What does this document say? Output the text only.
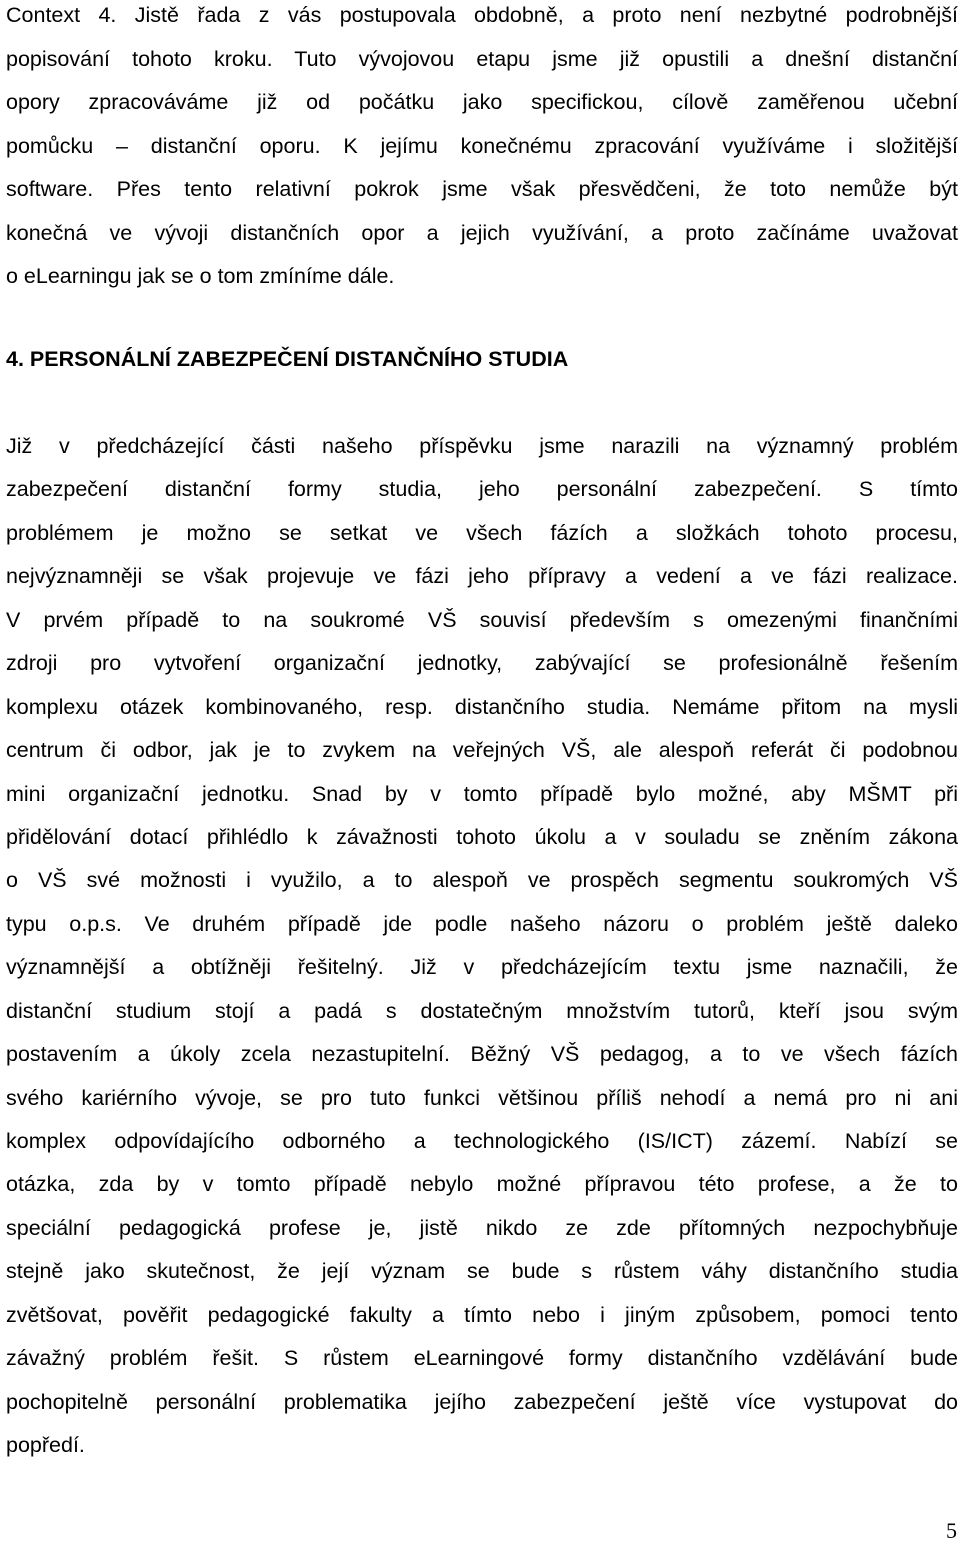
Context 4. Jistě řada z vás postupovala obdobně, a proto není nezbytné podrobnější
popisování tohoto kroku. Tuto vývojovou etapu jsme již opustili a dnešní distanční
opory zpracováváme již od počátku jako specifickou, cílově zaměřenou učební
pomůcku – distanční oporu. K jejímu konečnému zpracování využíváme i složitější
software. Přes tento relativní pokrok jsme však přesvědčeni, že toto nemůže být
konečná ve vývoji distančních opor a jejich využívání, a proto začínáme uvažovat
o eLearningu jak se o tom zmíníme dále.
4. PERSONÁLNÍ ZABEZPEČENÍ DISTANČNÍHO STUDIA
Již v předcházející části našeho příspěvku jsme narazili na významný problém
zabezpečení distanční formy studia, jeho personální zabezpečení. S tímto
problémem je možno se setkat ve všech fázích a složkách tohoto procesu,
nejvýznamněji se však projevuje ve fázi jeho přípravy a vedení a ve fázi realizace.
V prvém případě to na soukromé VŠ souvisí především s omezenými finančními
zdroji pro vytvoření organizační jednotky, zabývající se profesionálně řešením
komplexu otázek kombinovaného, resp. distančního studia. Nemáme přitom na mysli
centrum či odbor, jak je to zvykem na veřejných VŠ, ale alespoň referát či podobnou
mini organizační jednotku. Snad by v tomto případě bylo možné, aby MŠMT při
přidělování dotací přihlédlo k závažnosti tohoto úkolu a v souladu se zněním zákona
o VŠ své možnosti i využilo, a to alespoň ve prospěch segmentu soukromých VŠ
typu o.p.s. Ve druhém případě jde podle našeho názoru o problém ještě daleko
významnější a obtížněji řešitelný. Již v předcházejícím textu jsme naznačili, že
distanční studium stojí a padá s dostatečným množstvím tutorů, kteří jsou svým
postavením a úkoly zcela nezastupitelní. Běžný VŠ pedagog, a to ve všech fázích
svého kariérního vývoje, se pro tuto funkci většinou příliš nehodí a nemá pro ni ani
komplex odpovídajícího odborného a technologického (IS/ICT) zázemí. Nabízí se
otázka, zda by v tomto případě nebylo možné přípravou této profese, a že to
speciální pedagogická profese je, jistě nikdo ze zde přítomných nezpochybňuje
stejně jako skutečnost, že její význam se bude s růstem váhy distančního studia
zvětšovat, pověřit pedagogické fakulty a tímto nebo i jiným způsobem, pomoci tento
závažný problém řešit. S růstem eLearningové formy distančního vzdělávání bude
pochopitelně personální problematika jejího zabezpečení ještě více vystupovat do
popředí.
5
